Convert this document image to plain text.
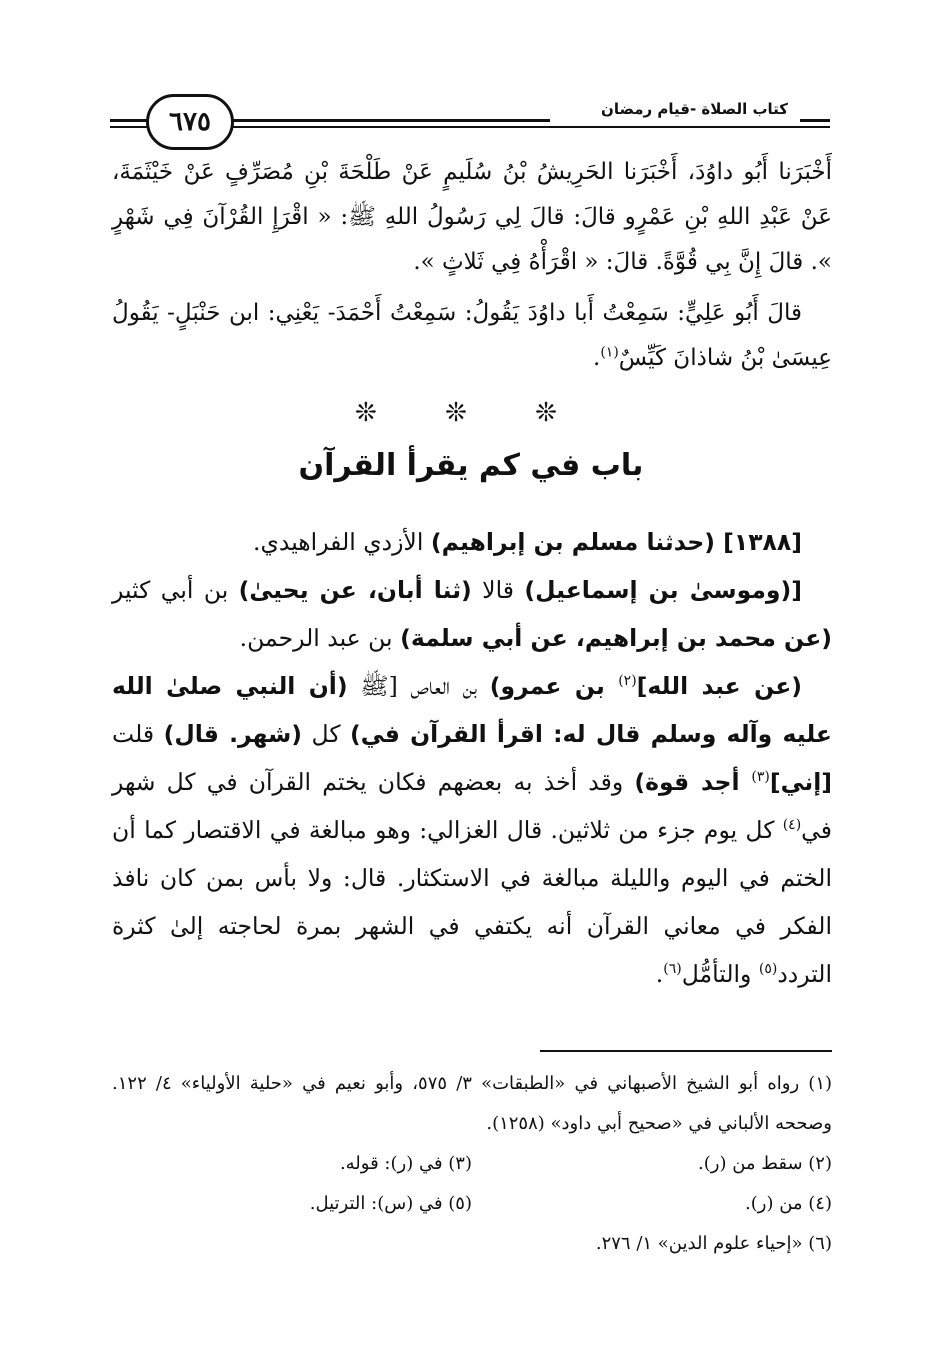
كتاب الصلاة -قيام رمضان
٦٧٥

أَخْبَرَنا أَبُو داوُدَ، أَخْبَرَنا الحَرِيشُ بْنُ سُلَيمٍ عَنْ طَلْحَةَ بْنِ مُصَرِّفٍ عَنْ خَيْثَمَةَ، عَنْ عَبْدِ اللهِ بْنِ عَمْرٍو قالَ: قالَ لِي رَسُولُ اللهِ ﷺ: « اقْرَإِ القُرْآنَ فِي شَهْرٍ ». قالَ إِنَّ بِي قُوَّةً. قالَ: « اقْرَأْهُ فِي ثَلاثٍ ».

قالَ أَبُو عَلِيٍّ: سَمِعْتُ أَبا داوُدَ يَقُولُ: سَمِعْتُ أَحْمَدَ- يَعْنِي: ابن حَنْبَلٍ- يَقُولُ عِيسَىٰ بْنُ شاذانَ كَيِّسٌ$^{(١)}$.

❊ ❊ ❊
باب في كم يقرأ القرآن

[١٣٨٨] (حدثنا مسلم بن إبراهيم) الأزدي الفراهيدي.

[(وموسىٰ بن إسماعيل) قالا (ثنا أبان، عن يحيىٰ) بن أبي كثير (عن محمد بن إبراهيم، عن أبي سلمة) بن عبد الرحمن.

(عن عبد الله]$^{(٢)}$ بن عمرو) بن العاص [ﷺ (أن النبي صلىٰ الله عليه وآله وسلم قال له: اقرأ القرآن في) كل (شهر. قال) قلت [إني]$^{(٣)}$ أجد قوة) وقد أخذ به بعضهم فكان يختم القرآن في كل شهر في$^{(٤)}$ كل يوم جزء من ثلاثين. قال الغزالي: وهو مبالغة في الاقتصار كما أن الختم في اليوم والليلة مبالغة في الاستكثار. قال: ولا بأس بمن كان نافذ الفكر في معاني القرآن أنه يكتفي في الشهر بمرة لحاجته إلىٰ كثرة التردد$^{(٥)}$ والتأمُّل$^{(٦)}$.

(١) رواه أبو الشيخ الأصبهاني في «الطبقات» ٣/ ٥٧٥، وأبو نعيم في «حلية الأولياء» ٤/ ١٢٢. وصححه الألباني في «صحيح أبي داود» (١٢٥٨).

(٢) سقط من (ر).

(٣) في (ر): قوله.

(٤) من (ر).

(٥) في (س): الترتيل.

(٦) «إحياء علوم الدين» ١/ ٢٧٦.
